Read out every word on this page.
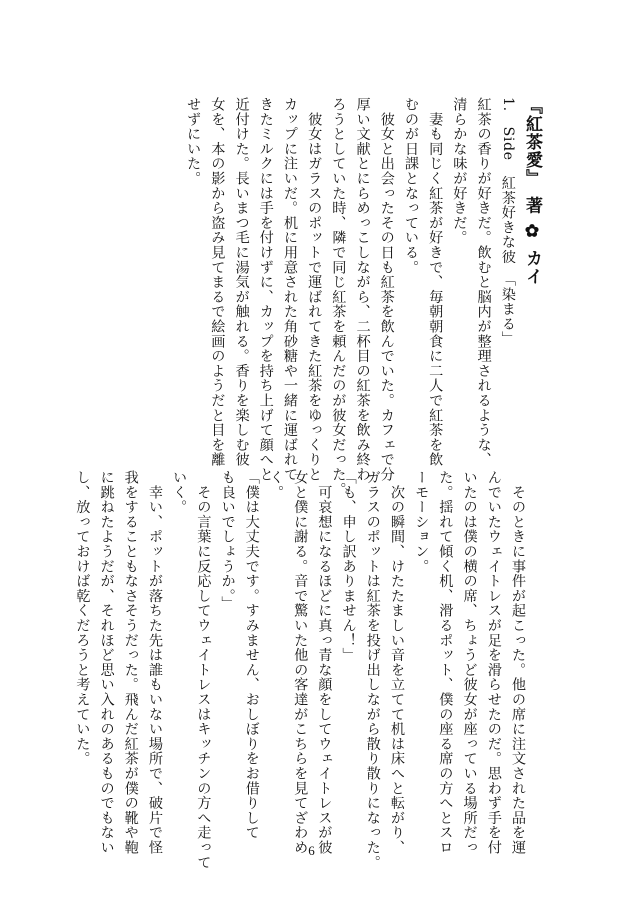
『紅茶愛』　著 ✿ カイ
1.　Side　紅茶好きな彼　「染まる」
紅茶の香りが好きだ。飲むと脳内が整理されるような、
清らかな味が好きだ。
　妻も同じく紅茶が好きで、毎朝朝食に二人で紅茶を飲
むのが日課となっている。
　彼女と出会ったその日も紅茶を飲んでいた。カフェで分
厚い文献とにらめっこしながら、二杯目の紅茶を飲み終わ
ろうとしていた時、隣で同じ紅茶を頼んだのが彼女だった。
　彼女はガラスのポットで運ばれてきた紅茶をゆっくりと
カップに注いだ。机に用意された角砂糖や一緒に運ばれて
きたミルクには手を付けずに、カップを持ち上げて顔へと
近付けた。長いまつ毛に湯気が触れる。香りを楽しむ彼
女を、本の影から盗み見てまるで絵画のようだと目を離
せずにいた。
　そのときに事件が起こった。他の席に注文された品を運
んでいたウェイトレスが足を滑らせたのだ。思わず手を付
いたのは僕の横の席、ちょうど彼女が座っている場所だっ
た。揺れて傾く机、滑るポット、僕の座る席の方へとスロ
ーモーション。
　次の瞬間、けたたましい音を立てて机は床へと転がり、
ガラスのポットは紅茶を投げ出しながら散り散りになった。
「も、申し訳ありません！」
　可哀想になるほどに真っ青な顔をしてウェイトレスが彼
女と僕に謝る。音で驚いた他の客達がこちらを見てざわめ
く。
「僕は大丈夫です。すみません、おしぼりをお借りして
も良いでしょうか。」
　その言葉に反応してウェイトレスはキッチンの方へ走って
いく。
　幸い、ポットが落ちた先は誰もいない場所で、破片で怪
我をすることもなさそうだった。飛んだ紅茶が僕の靴や鞄
に跳ねたようだが、それほど思い入れのあるものでもない
し、放っておけば乾くだろうと考えていた。
6
